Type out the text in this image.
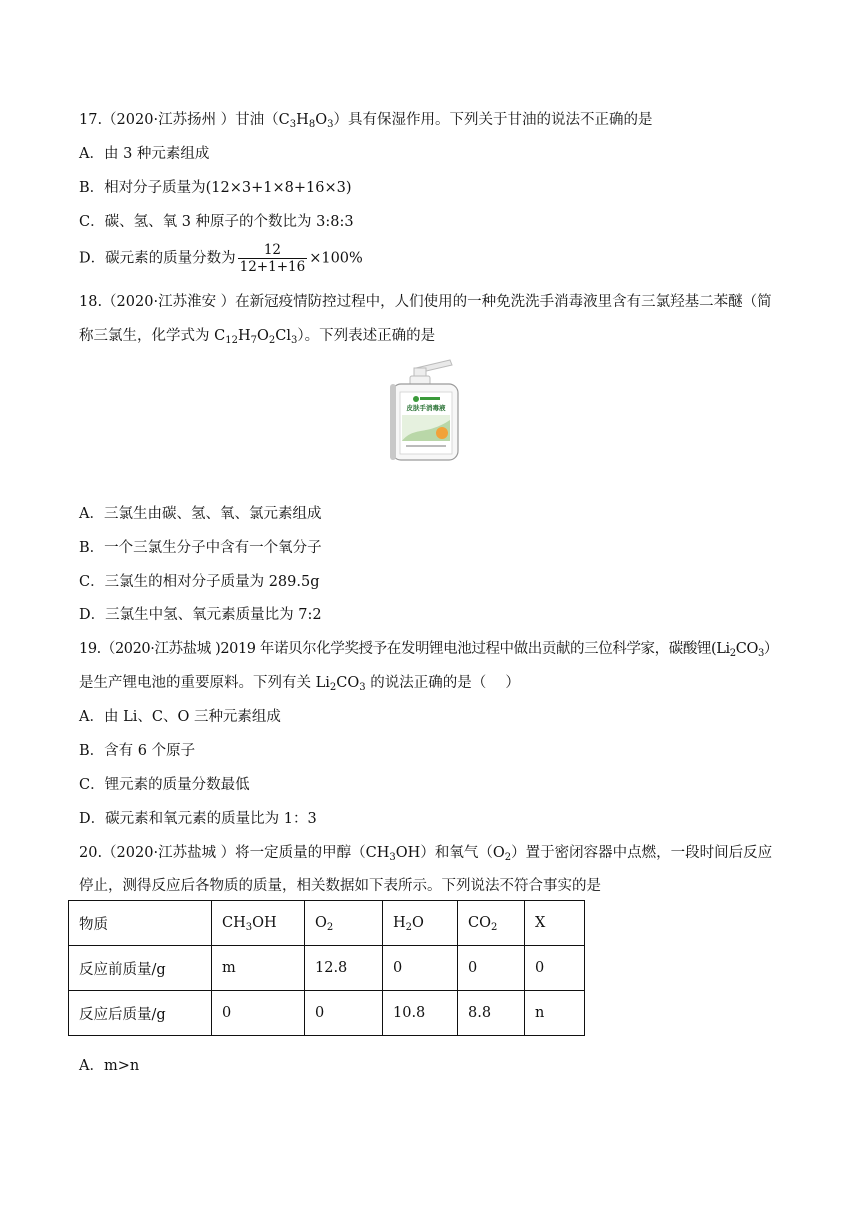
17.（2020·江苏扬州 ）甘油$(C_3H_8O_3)$具有保湿作用。下列关于甘油的说法不正确的是
A．由 3 种元素组成
B．相对分子质量为(12×3+1×8+16×3)
C．碳、氢、氧 3 种原子的个数比为 3:8:3
D．碳元素的质量分数为 $\frac{12}{12+1+16} \times 100\%$
18.（2020·江苏淮安 ）在新冠疫情防控过程中，人们使用的一种免洗洗手消毒液里含有三氯羟基二苯醚（简
称三氯生，化学式为 $C_{12}H_7O_2Cl_3$）。下列表述正确的是
皮肤手消毒液
A．三氯生由碳、氢、氧、氯元素组成
B．一个三氯生分子中含有一个氧分子
C．三氯生的相对分子质量为 289.5g
D．三氯生中氢、氧元素质量比为 7:2
19.（2020·江苏盐城 )2019 年诺贝尔化学奖授予在发明锂电池过程中做出贡献的三位科学家，碳酸锂$(Li_2CO_3)$
是生产锂电池的重要原料。下列有关 $Li_2CO_3$ 的说法正确的是（　 ）
A．由 Li、C、O 三种元素组成
B．含有 6 个原子
C．锂元素的质量分数最低
D．碳元素和氧元素的质量比为 1：3
20.（2020·江苏盐城 ）将一定质量的甲醇$(CH_3OH)$和氧气$(O_2)$置于密闭容器中点燃，一段时间后反应
停止，测得反应后各物质的质量，相关数据如下表所示。下列说法不符合事实的是
物质	$CH_3OH$	$O_2$	$H_2O$	$CO_2$	X
反应前质量/g	m	12.8	0	0	0
反应后质量/g	0	0	10.8	8.8	n
A．m>n
